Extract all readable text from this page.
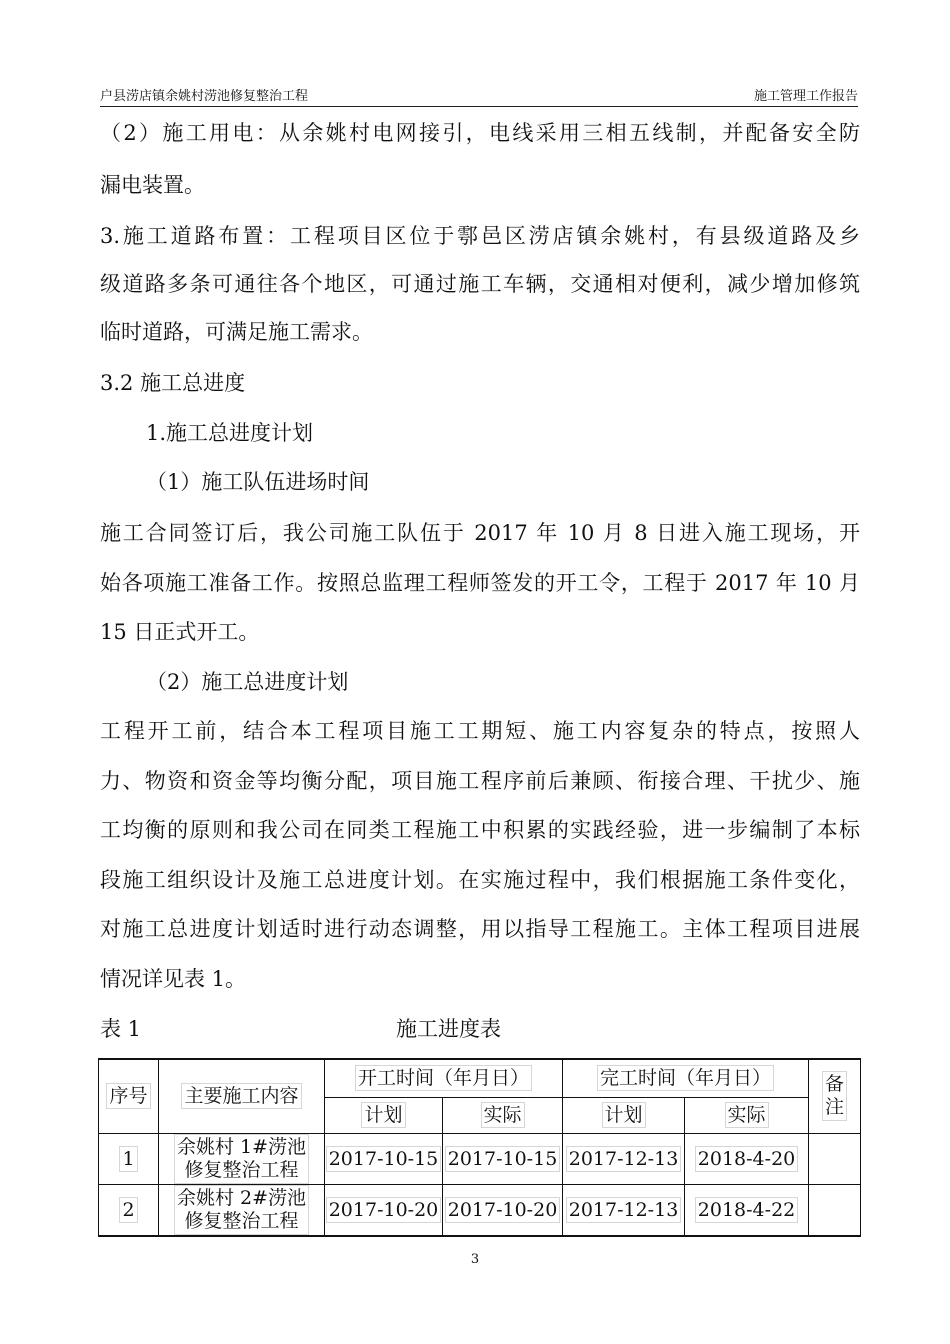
户县涝店镇余姚村涝池修复整治工程	施工管理工作报告
（2）施工用电：从余姚村电网接引，电线采用三相五线制，并配备安全防
漏电装置。
3.施工道路布置：工程项目区位于鄠邑区涝店镇余姚村，有县级道路及乡
级道路多条可通往各个地区，可通过施工车辆，交通相对便利，减少增加修筑
临时道路，可满足施工需求。
3.2 施工总进度
1.施工总进度计划
（1）施工队伍进场时间
施工合同签订后，我公司施工队伍于 2017 年 10 月 8 日进入施工现场，开
始各项施工准备工作。按照总监理工程师签发的开工令，工程于 2017 年 10 月
15 日正式开工。
（2）施工总进度计划
工程开工前，结合本工程项目施工工期短、施工内容复杂的特点，按照人
力、物资和资金等均衡分配，项目施工程序前后兼顾、衔接合理、干扰少、施
工均衡的原则和我公司在同类工程施工中积累的实践经验，进一步编制了本标
段施工组织设计及施工总进度计划。在实施过程中，我们根据施工条件变化，
对施工总进度计划适时进行动态调整，用以指导工程施工。主体工程项目进展
情况详见表 1。
表 1	施工进度表
序号	主要施工内容	开工时间（年月日）		完工时间（年月日）		备
注
		计划	实际	计划	实际	
1	余姚村 1#涝池
修复整治工程	2017-10-15	2017-10-15	2017-12-13	2018-4-20	
2	余姚村 2#涝池
修复整治工程	2017-10-20	2017-10-20	2017-12-13	2018-4-22	
3
